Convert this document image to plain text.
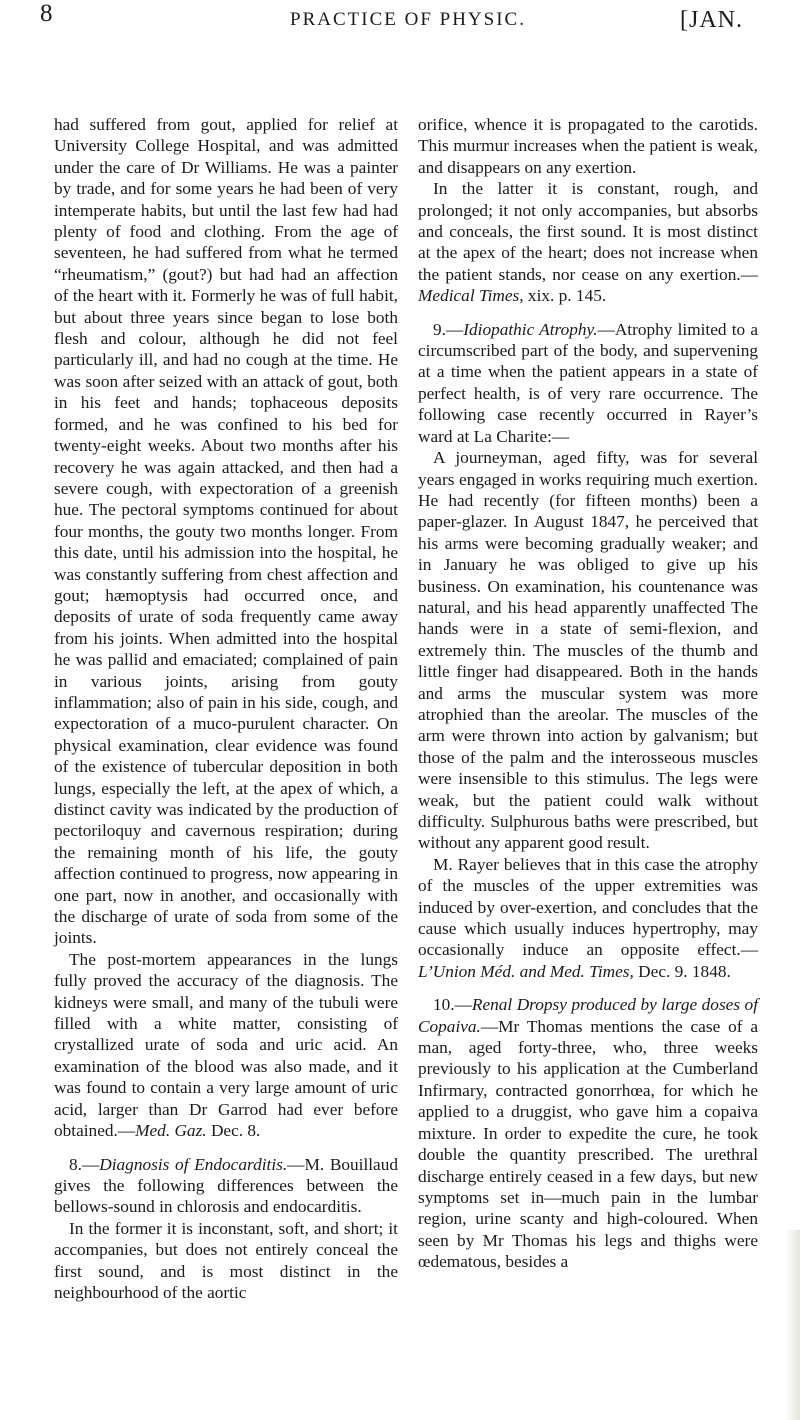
8	PRACTICE OF PHYSIC.	[JAN.

had suffered from gout, applied for relief at University College Hospital, and was admitted under the care of Dr Williams. He was a painter by trade, and for some years he had been of very intemperate habits, but until the last few had had plenty of food and clothing. From the age of seventeen, he had suffered from what he termed “rheumatism,” (gout?) but had had an affection of the heart with it. Formerly he was of full habit, but about three years since began to lose both flesh and colour, although he did not feel particularly ill, and had no cough at the time. He was soon after seized with an attack of gout, both in his feet and hands; tophaceous deposits formed, and he was confined to his bed for twenty-eight weeks. About two months after his recovery he was again attacked, and then had a severe cough, with expectoration of a greenish hue. The pectoral symptoms continued for about four months, the gouty two months longer. From this date, until his admission into the hospital, he was constantly suffering from chest affection and gout; hæmoptysis had occurred once, and deposits of urate of soda frequently came away from his joints. When admitted into the hospital he was pallid and emaciated; complained of pain in various joints, arising from gouty inflammation; also of pain in his side, cough, and expectoration of a muco-purulent character. On physical examination, clear evidence was found of the existence of tubercular deposition in both lungs, especially the left, at the apex of which, a distinct cavity was indicated by the production of pectoriloquy and cavernous respiration; during the remaining month of his life, the gouty affection continued to progress, now appearing in one part, now in another, and occasionally with the discharge of urate of soda from some of the joints.

The post-mortem appearances in the lungs fully proved the accuracy of the diagnosis. The kidneys were small, and many of the tubuli were filled with a white matter, consisting of crystallized urate of soda and uric acid. An examination of the blood was also made, and it was found to contain a very large amount of uric acid, larger than Dr Garrod had ever before obtained.—Med. Gaz. Dec. 8.

8.—Diagnosis of Endocarditis.—M. Bouillaud gives the following differences between the bellows-sound in chlorosis and endocarditis.

In the former it is inconstant, soft, and short; it accompanies, but does not entirely conceal the first sound, and is most distinct in the neighbourhood of the aortic

orifice, whence it is propagated to the carotids. This murmur increases when the patient is weak, and disappears on any exertion.

In the latter it is constant, rough, and prolonged; it not only accompanies, but absorbs and conceals, the first sound. It is most distinct at the apex of the heart; does not increase when the patient stands, nor cease on any exertion.—Medical Times, xix. p. 145.

9.—Idiopathic Atrophy.—Atrophy limited to a circumscribed part of the body, and supervening at a time when the patient appears in a state of perfect health, is of very rare occurrence. The following case recently occurred in Rayer’s ward at La Charite:—

A journeyman, aged fifty, was for several years engaged in works requiring much exertion. He had recently (for fifteen months) been a paper-glazer. In August 1847, he perceived that his arms were becoming gradually weaker; and in January he was obliged to give up his business. On examination, his countenance was natural, and his head apparently unaffected The hands were in a state of semi-flexion, and extremely thin. The muscles of the thumb and little finger had disappeared. Both in the hands and arms the muscular system was more atrophied than the areolar. The muscles of the arm were thrown into action by galvanism; but those of the palm and the interosseous muscles were insensible to this stimulus. The legs were weak, but the patient could walk without difficulty. Sulphurous baths were prescribed, but without any apparent good result.

M. Rayer believes that in this case the atrophy of the muscles of the upper extremities was induced by over-exertion, and concludes that the cause which usually induces hypertrophy, may occasionally induce an opposite effect.—L’Union Méd. and Med. Times, Dec. 9. 1848.

10.—Renal Dropsy produced by large doses of Copaiva.—Mr Thomas mentions the case of a man, aged forty-three, who, three weeks previously to his application at the Cumberland Infirmary, contracted gonorrhœa, for which he applied to a druggist, who gave him a copaiva mixture. In order to expedite the cure, he took double the quantity prescribed. The urethral discharge entirely ceased in a few days, but new symptoms set in—much pain in the lumbar region, urine scanty and high-coloured. When seen by Mr Thomas his legs and thighs were œdematous, besides a
